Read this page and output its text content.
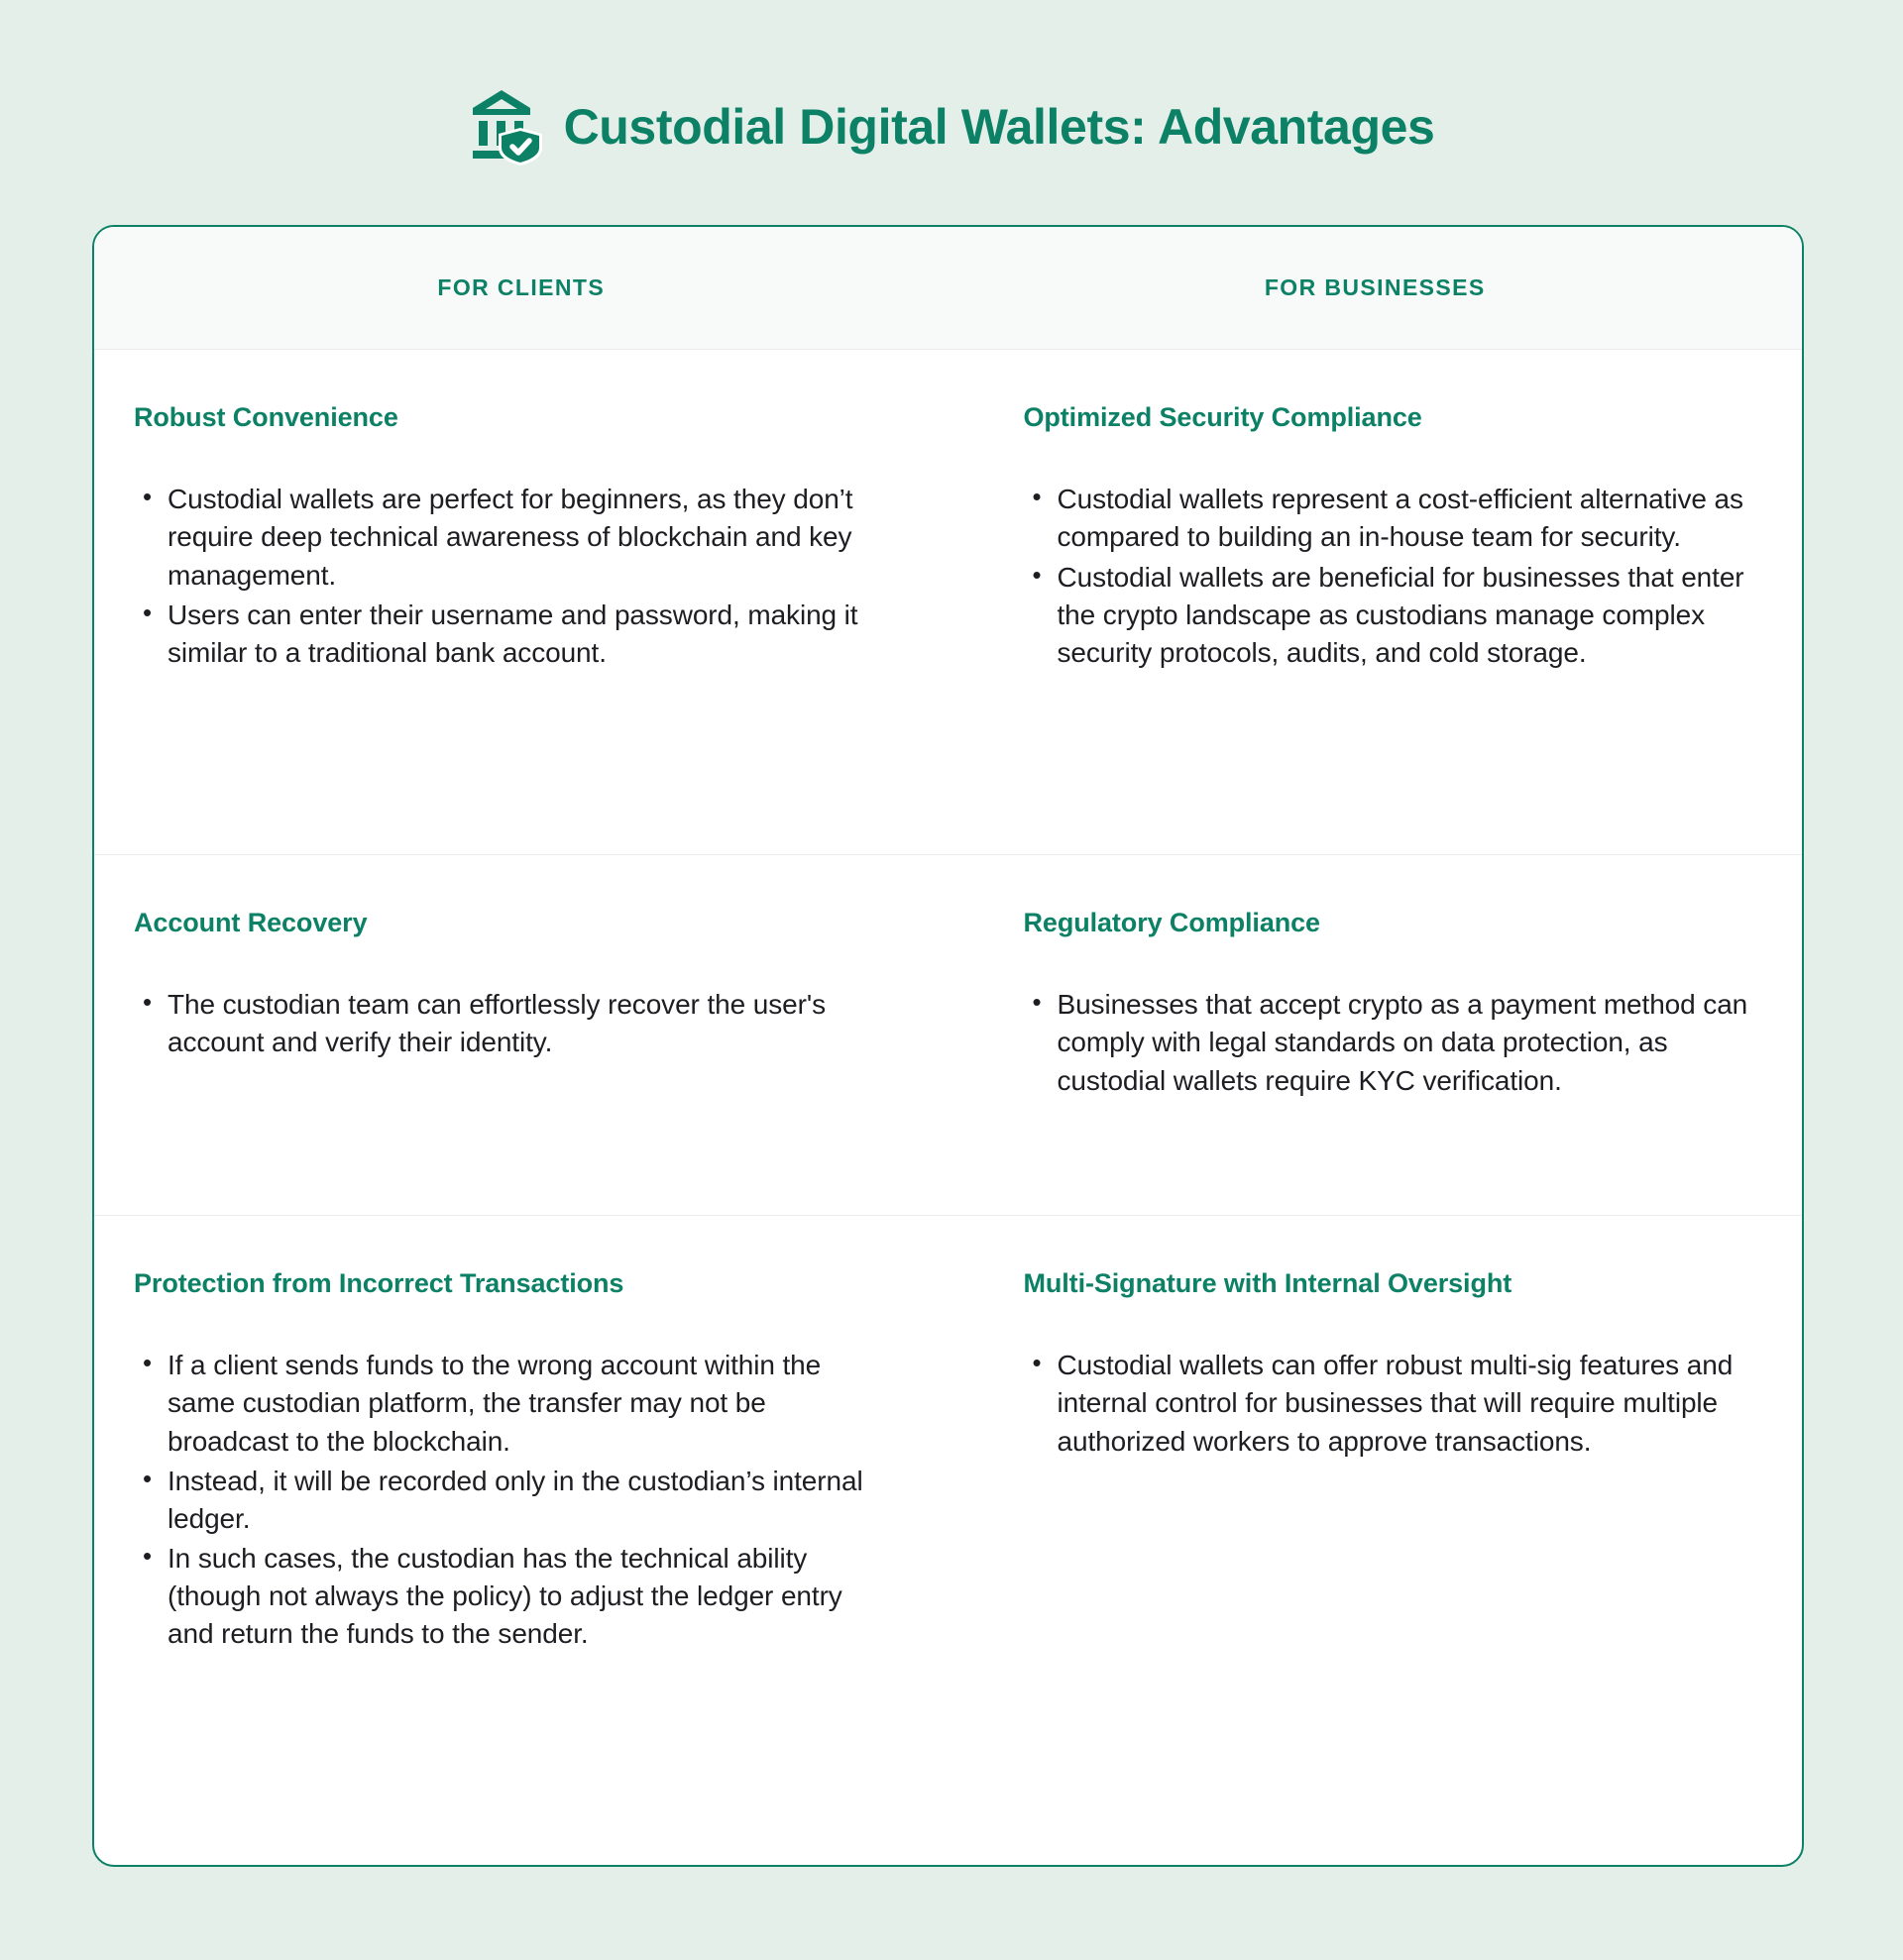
Custodial Digital Wallets: Advantages
FOR CLIENTS	FOR BUSINESSES
Robust Convenience
• Custodial wallets are perfect for beginners, as they don’t require deep technical awareness of blockchain and key management.
• Users can enter their username and password, making it similar to a traditional bank account.
Optimized Security Compliance
• Custodial wallets represent a cost-efficient alternative as compared to building an in-house team for security.
• Custodial wallets are beneficial for businesses that enter the crypto landscape as custodians manage complex security protocols, audits, and cold storage.
Account Recovery
• The custodian team can effortlessly recover the user's account and verify their identity.
Regulatory Compliance
• Businesses that accept crypto as a payment method can comply with legal standards on data protection, as custodial wallets require KYC verification.
Protection from Incorrect Transactions
• If a client sends funds to the wrong account within the same custodian platform, the transfer may not be broadcast to the blockchain.
• Instead, it will be recorded only in the custodian’s internal ledger.
• In such cases, the custodian has the technical ability (though not always the policy) to adjust the ledger entry and return the funds to the sender.
Multi-Signature with Internal Oversight
• Custodial wallets can offer robust multi-sig features and internal control for businesses that will require multiple authorized workers to approve transactions.
